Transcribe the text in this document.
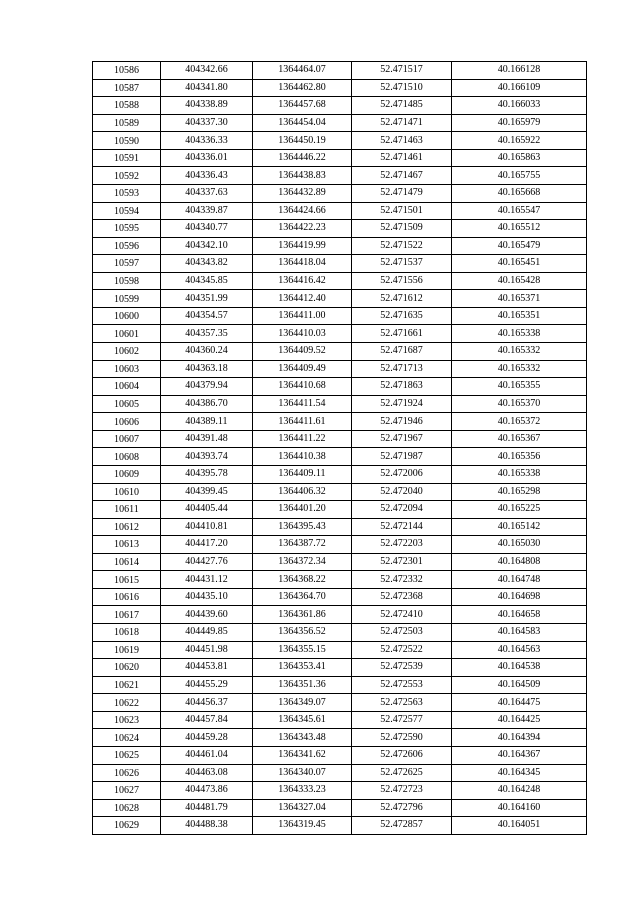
10586	404342.66	1364464.07	52.471517	40.166128
10587	404341.80	1364462.80	52.471510	40.166109
10588	404338.89	1364457.68	52.471485	40.166033
10589	404337.30	1364454.04	52.471471	40.165979
10590	404336.33	1364450.19	52.471463	40.165922
10591	404336.01	1364446.22	52.471461	40.165863
10592	404336.43	1364438.83	52.471467	40.165755
10593	404337.63	1364432.89	52.471479	40.165668
10594	404339.87	1364424.66	52.471501	40.165547
10595	404340.77	1364422.23	52.471509	40.165512
10596	404342.10	1364419.99	52.471522	40.165479
10597	404343.82	1364418.04	52.471537	40.165451
10598	404345.85	1364416.42	52.471556	40.165428
10599	404351.99	1364412.40	52.471612	40.165371
10600	404354.57	1364411.00	52.471635	40.165351
10601	404357.35	1364410.03	52.471661	40.165338
10602	404360.24	1364409.52	52.471687	40.165332
10603	404363.18	1364409.49	52.471713	40.165332
10604	404379.94	1364410.68	52.471863	40.165355
10605	404386.70	1364411.54	52.471924	40.165370
10606	404389.11	1364411.61	52.471946	40.165372
10607	404391.48	1364411.22	52.471967	40.165367
10608	404393.74	1364410.38	52.471987	40.165356
10609	404395.78	1364409.11	52.472006	40.165338
10610	404399.45	1364406.32	52.472040	40.165298
10611	404405.44	1364401.20	52.472094	40.165225
10612	404410.81	1364395.43	52.472144	40.165142
10613	404417.20	1364387.72	52.472203	40.165030
10614	404427.76	1364372.34	52.472301	40.164808
10615	404431.12	1364368.22	52.472332	40.164748
10616	404435.10	1364364.70	52.472368	40.164698
10617	404439.60	1364361.86	52.472410	40.164658
10618	404449.85	1364356.52	52.472503	40.164583
10619	404451.98	1364355.15	52.472522	40.164563
10620	404453.81	1364353.41	52.472539	40.164538
10621	404455.29	1364351.36	52.472553	40.164509
10622	404456.37	1364349.07	52.472563	40.164475
10623	404457.84	1364345.61	52.472577	40.164425
10624	404459.28	1364343.48	52.472590	40.164394
10625	404461.04	1364341.62	52.472606	40.164367
10626	404463.08	1364340.07	52.472625	40.164345
10627	404473.86	1364333.23	52.472723	40.164248
10628	404481.79	1364327.04	52.472796	40.164160
10629	404488.38	1364319.45	52.472857	40.164051
